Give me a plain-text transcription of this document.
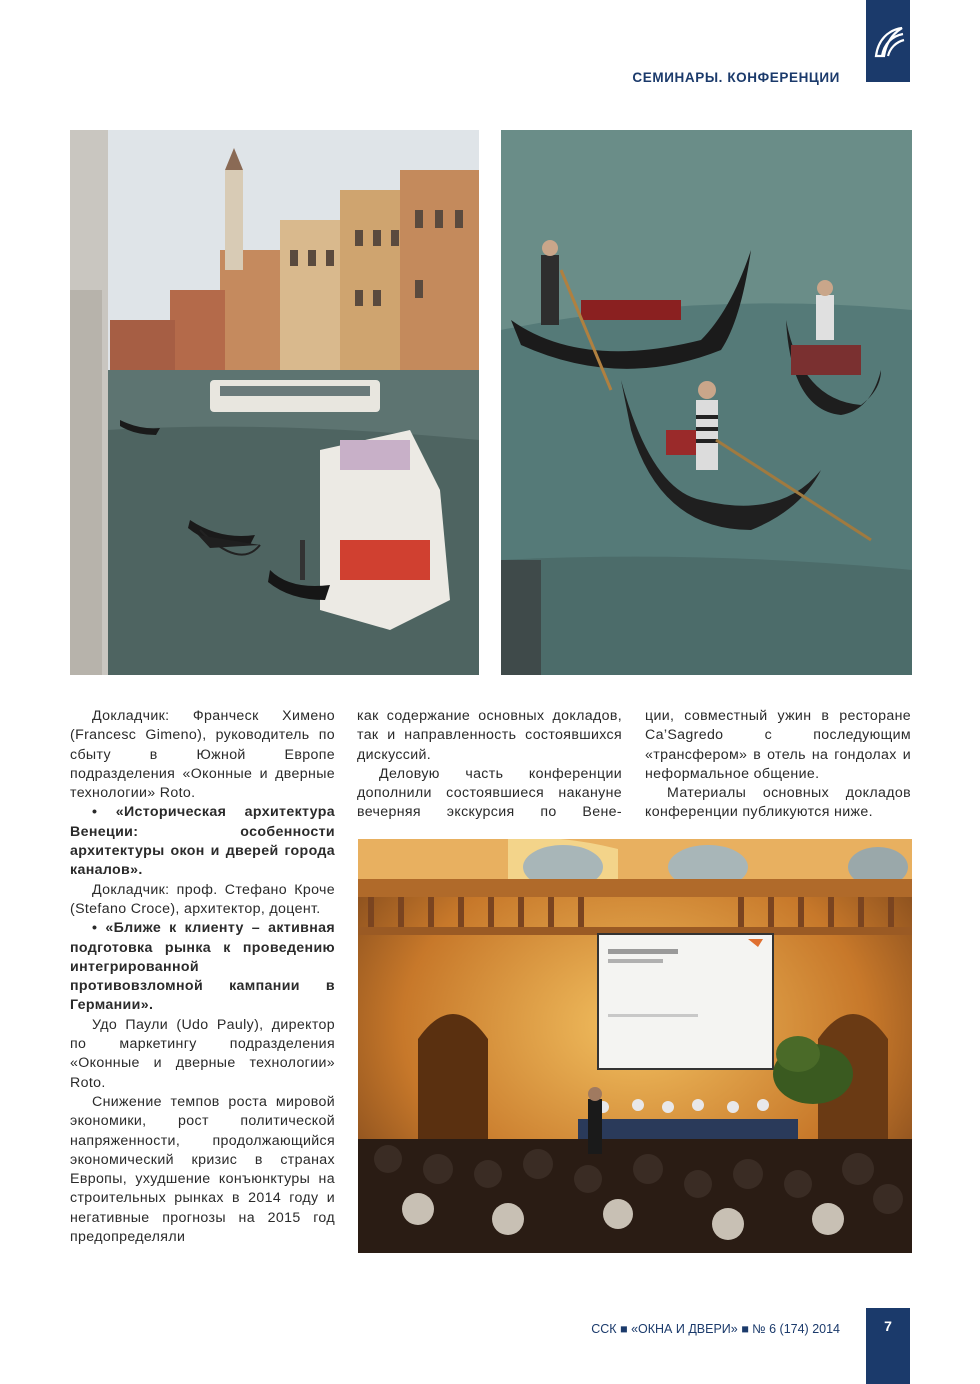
СЕМИНАРЫ. КОНФЕРЕНЦИИ

Докладчик: Франческ Химено (Francesc Gimeno), руководитель по сбыту в Южной Европе подразделения «Оконные и дверные технологии» Roto.

• «Историческая архитектура Венеции: особенности архитектуры окон и дверей города каналов».

Докладчик: проф. Стефано Кроче (Stefano Croce), архитектор, доцент.

• «Ближе к клиенту – активная подготовка рынка к проведению интегрированной противовзломной кампании в Германии».

Удо Паули (Udo Pauly), директор по маркетингу подразделения «Оконные и дверные технологии» Roto.

Снижение темпов роста мировой экономики, рост политической напряженности, продолжающийся экономический кризис в странах Европы, ухудшение конъюнктуры на строительных рынках в 2014 году и негативные прогнозы на 2015 год предопределяли

как содержание основных докладов, так и направленность состоявшихся дискуссий.

Деловую часть конференции дополнили состоявшиеся накануне вечерняя экскурсия по Вене-

ции, совместный ужин в ресторане Ca’Sagredo с последующим «трансфером» в отель на гондолах и неформальное общение.

Материалы основных докладов конференции публикуются ниже.

ССК ■ «ОКНА И ДВЕРИ» ■ № 6 (174) 2014	7
